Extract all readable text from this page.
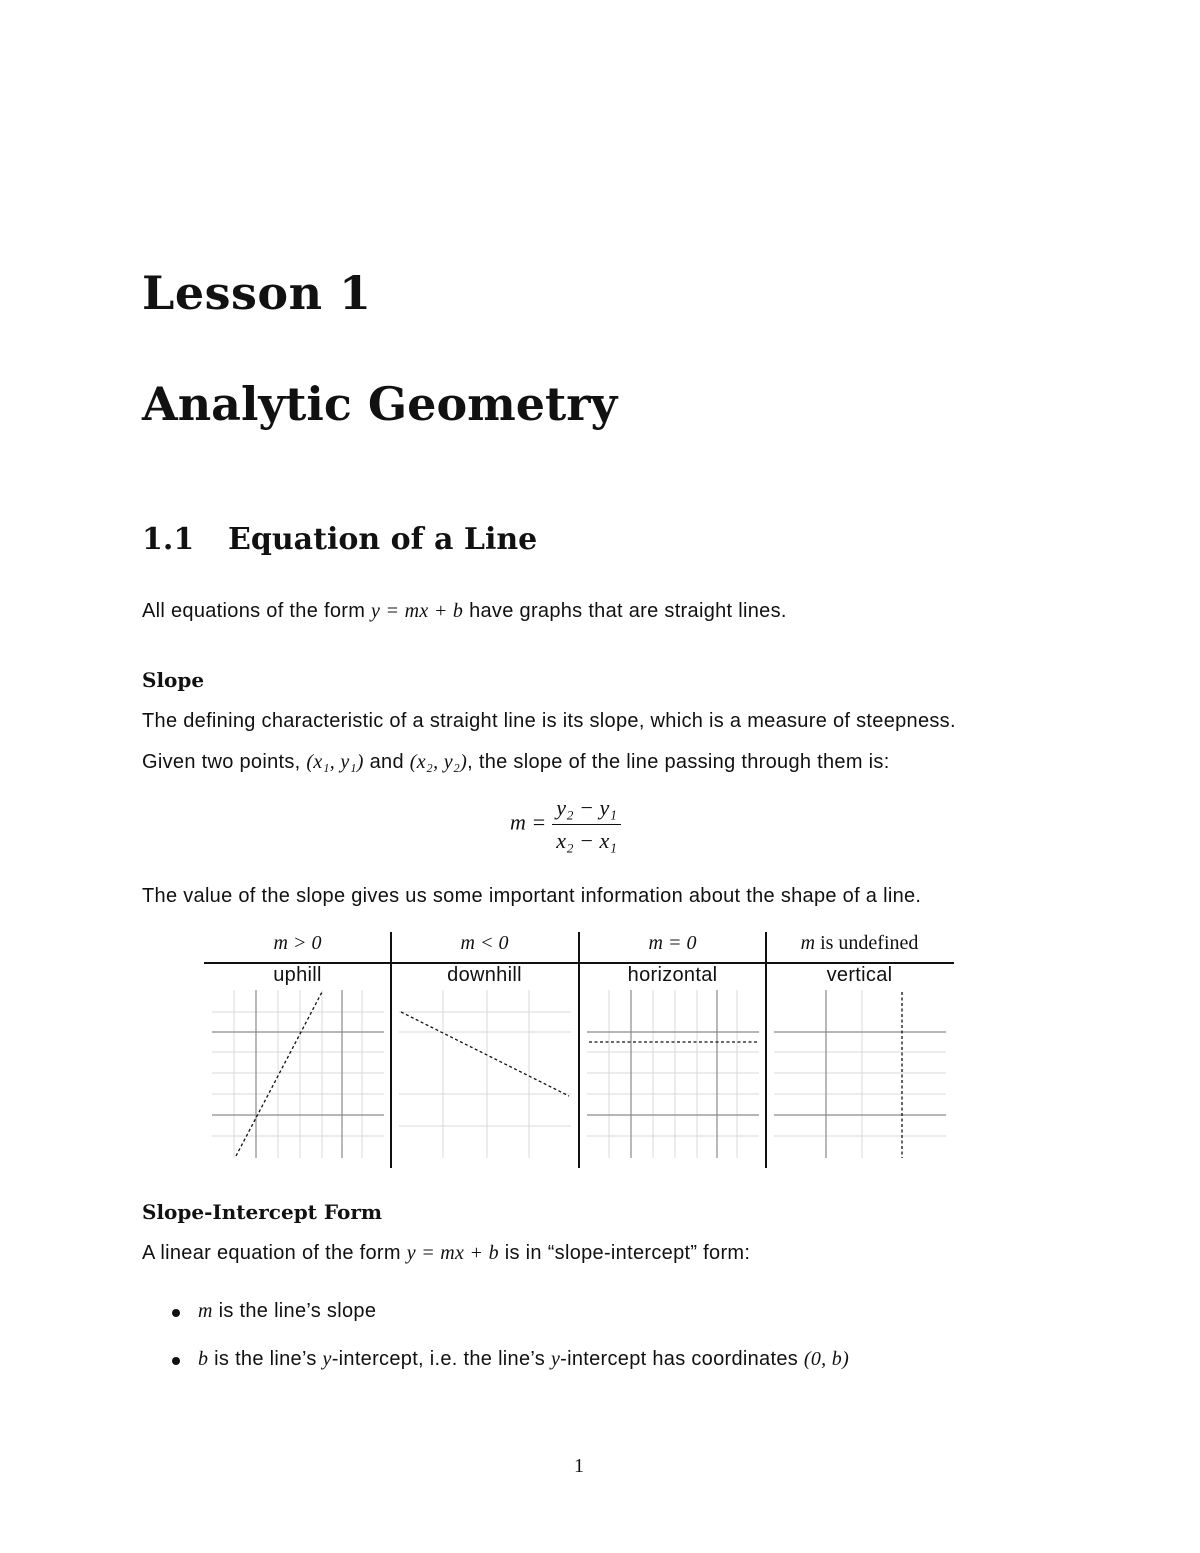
Lesson 1
Analytic Geometry
1.1 Equation of a Line
All equations of the form y = mx + b have graphs that are straight lines.
Slope
The defining characteristic of a straight line is its slope, which is a measure of steepness.
Given two points, (x₁, y₁) and (x₂, y₂), the slope of the line passing through them is:
$m = \frac{\text{y₂ − y₁}}{\text{x₂ − x₁}}$
The value of the slope gives us some important information about the shape of a line.
m > 0
uphill
m < 0
downhill
m = 0
horizontal
m is undefined
vertical
Slope-Intercept Form
A linear equation of the form y = mx + b is in “slope-intercept” form:
m is the line’s slope
b is the line’s y-intercept, i.e. the line’s y-intercept has coordinates (0, b)
1
